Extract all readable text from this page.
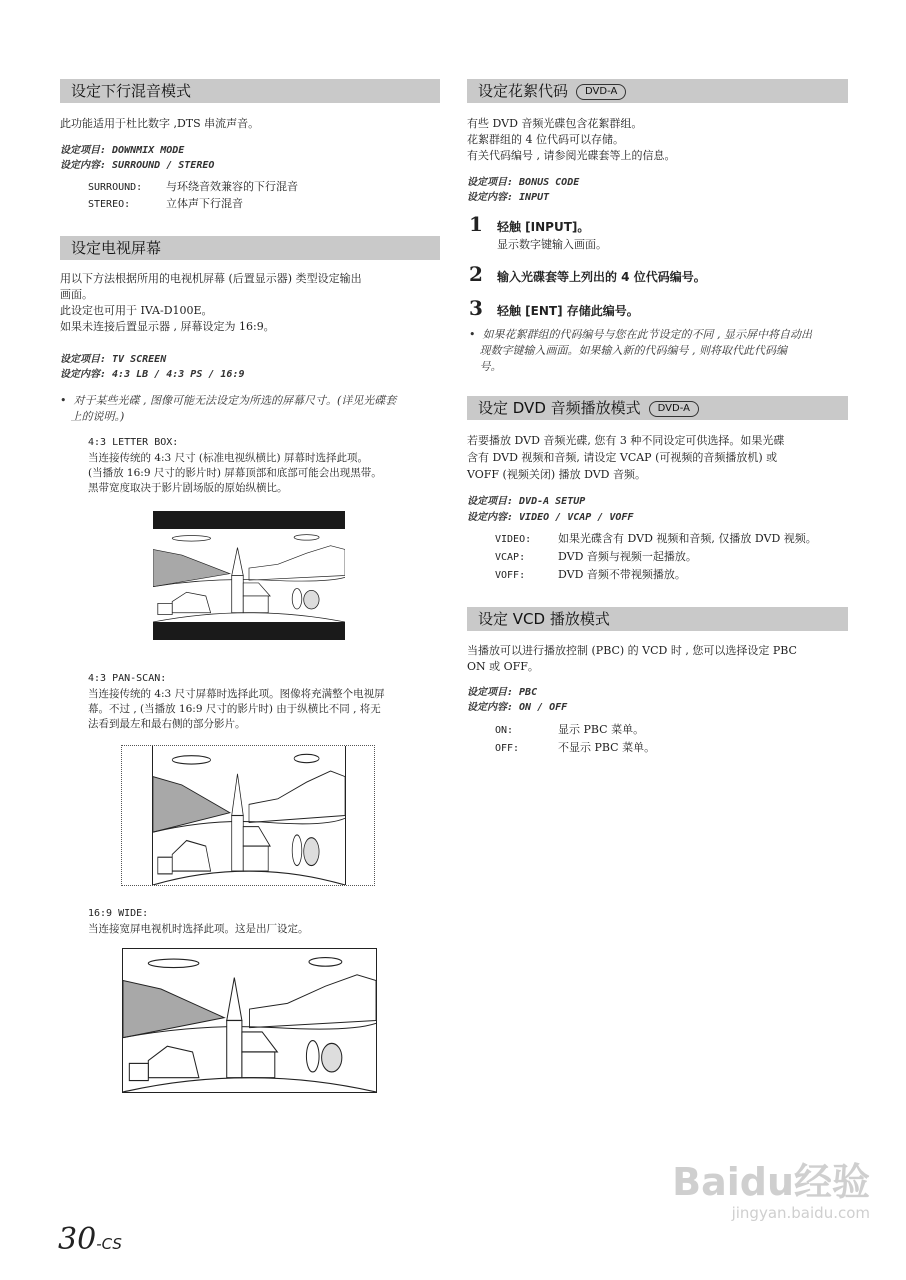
设定下行混音模式
此功能适用于杜比数字 ,DTS 串流声音。
设定项目: DOWNMIX MODE
设定内容: SURROUND / STEREO
SURROUND: 与环绕音效兼容的下行混音
STEREO:	立体声下行混音
设定电视屏幕
用以下方法根据所用的电视机屏幕 (后置显示器) 类型设定输出
画面。
此设定也可用于 IVA-D100E。
如果未连接后置显示器 , 屏幕设定为 16:9。
设定项目: TV SCREEN
设定内容: 4:3 LB / 4:3 PS / 16:9
•  对于某些光碟 , 图像可能无法设定为所选的屏幕尺寸。(详见光碟套
上的说明。)
4:3 LETTER BOX:
当连接传统的 4:3 尺寸 (标准电视纵横比) 屏幕时选择此项。
(当播放 16:9 尺寸的影片时) 屏幕顶部和底部可能会出现黑带。
黑带宽度取决于影片剧场版的原始纵横比。
4:3 PAN-SCAN:
当连接传统的 4:3 尺寸屏幕时选择此项。图像将充满整个电视屏
幕。不过 , (当播放 16:9 尺寸的影片时) 由于纵横比不同 , 将无
法看到最左和最右侧的部分影片。
16:9 WIDE:
当连接宽屏电视机时选择此项。这是出厂设定。
设定花絮代码 DVD-A
有些 DVD 音频光碟包含花絮群组。
花絮群组的 4 位代码可以存储。
有关代码编号 , 请参阅光碟套等上的信息。
设定项目: BONUS CODE
设定内容: INPUT
1 轻触 [INPUT]。
显示数字键输入画面。
2 输入光碟套等上列出的 4 位代码编号。
3 轻触 [ENT] 存储此编号。
•  如果花絮群组的代码编号与您在此节设定的不同 , 显示屏中将自动出
现数字键输入画面。如果输入新的代码编号 , 则将取代此代码编
号。
设定 DVD 音频播放模式 DVD-A
若要播放 DVD 音频光碟, 您有 3 种不同设定可供选择。如果光碟
含有 DVD 视频和音频, 请设定 VCAP (可视频的音频播放机) 或
VOFF (视频关闭) 播放 DVD 音频。
设定项目: DVD-A SETUP
设定内容: VIDEO / VCAP / VOFF
VIDEO: 如果光碟含有 DVD 视频和音频, 仅播放 DVD 视频。
VCAP:	DVD 音频与视频一起播放。
VOFF:	DVD 音频不带视频播放。
设定 VCD 播放模式
当播放可以进行播放控制 (PBC) 的 VCD 时 , 您可以选择设定 PBC
ON 或 OFF。
设定项目: PBC
设定内容: ON / OFF
ON:	显示 PBC 菜单。
OFF:	不显示 PBC 菜单。
30-CS
Baidu经验
jingyan.baidu.com
